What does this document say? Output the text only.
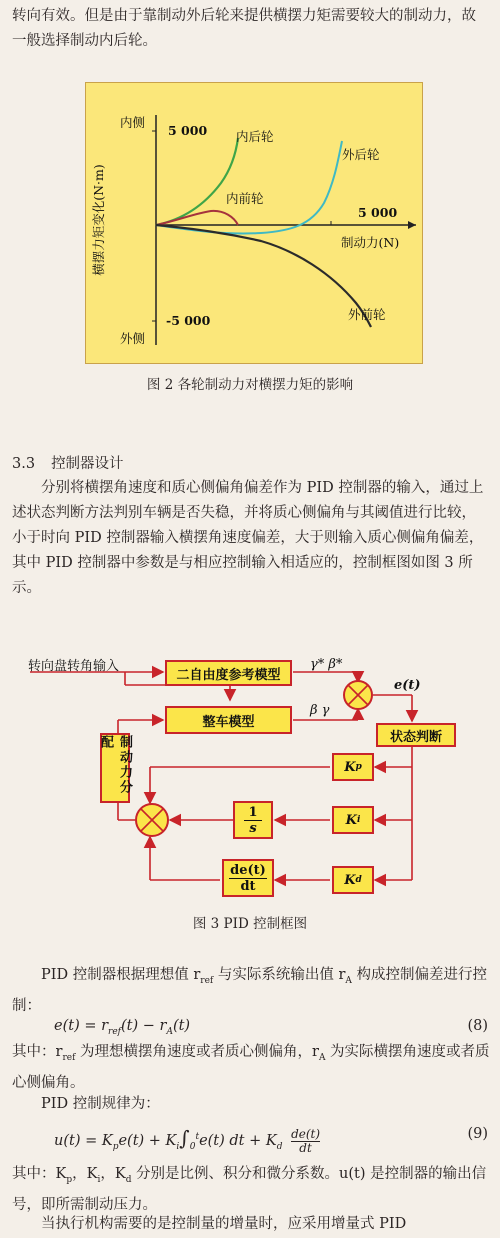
转向有效。但是由于靠制动外后轮来提供横摆力矩需要较大的制动力，故一般选择制动内后轮。

内侧
外侧
5 000
-5 000
5 000
横摆力矩变化(N·m)	制动力(N)
内后轮
内前轮
外后轮
外前轮
图 2 各轮制动力对横摆力矩的影响
3.3 控制器设计

分别将横摆角速度和质心侧偏角偏差作为 PID 控制器的输入，通过上述状态判断方法判别车辆是否失稳，并将质心侧偏角与其阈值进行比较，小于时向 PID 控制器输入横摆角速度偏差，大于则输入质心侧偏角偏差，其中 PID 控制器中参数是与相应控制输入相适应的，控制框图如图 3 所示。

转向盘转角输入
二自由度参考模型
整车模型
状态判断
制动力分配
γ* β*
β γ
e(t)
K p
K i
K d
$\frac{1}{s}$
$\frac{de(t)}{dt}$
图 3 PID 控制框图

PID 控制器根据理想值 $r_{ref}$ 与实际系统输出值 $r_A$ 构成控制偏差进行控制：

$e(t) = r_{ref}(t) - r_A(t)$	(8)

其中：$r_{ref}$ 为理想横摆角速度或者质心侧偏角，$r_A$ 为实际横摆角速度或者质心侧偏角。

PID 控制规律为：

$u(t) = K_pe(t) + K_i\int_0^te(t)$ dt + $K_d \frac{de(t)}{dt}$	(9)

其中：$K_p$，$K_i$，$K_d$ 分别是比例、积分和微分系数。u(t) 是控制器的输出信号，即所需制动压力。

当执行机构需要的是控制量的增量时，应采用增量式 PID
